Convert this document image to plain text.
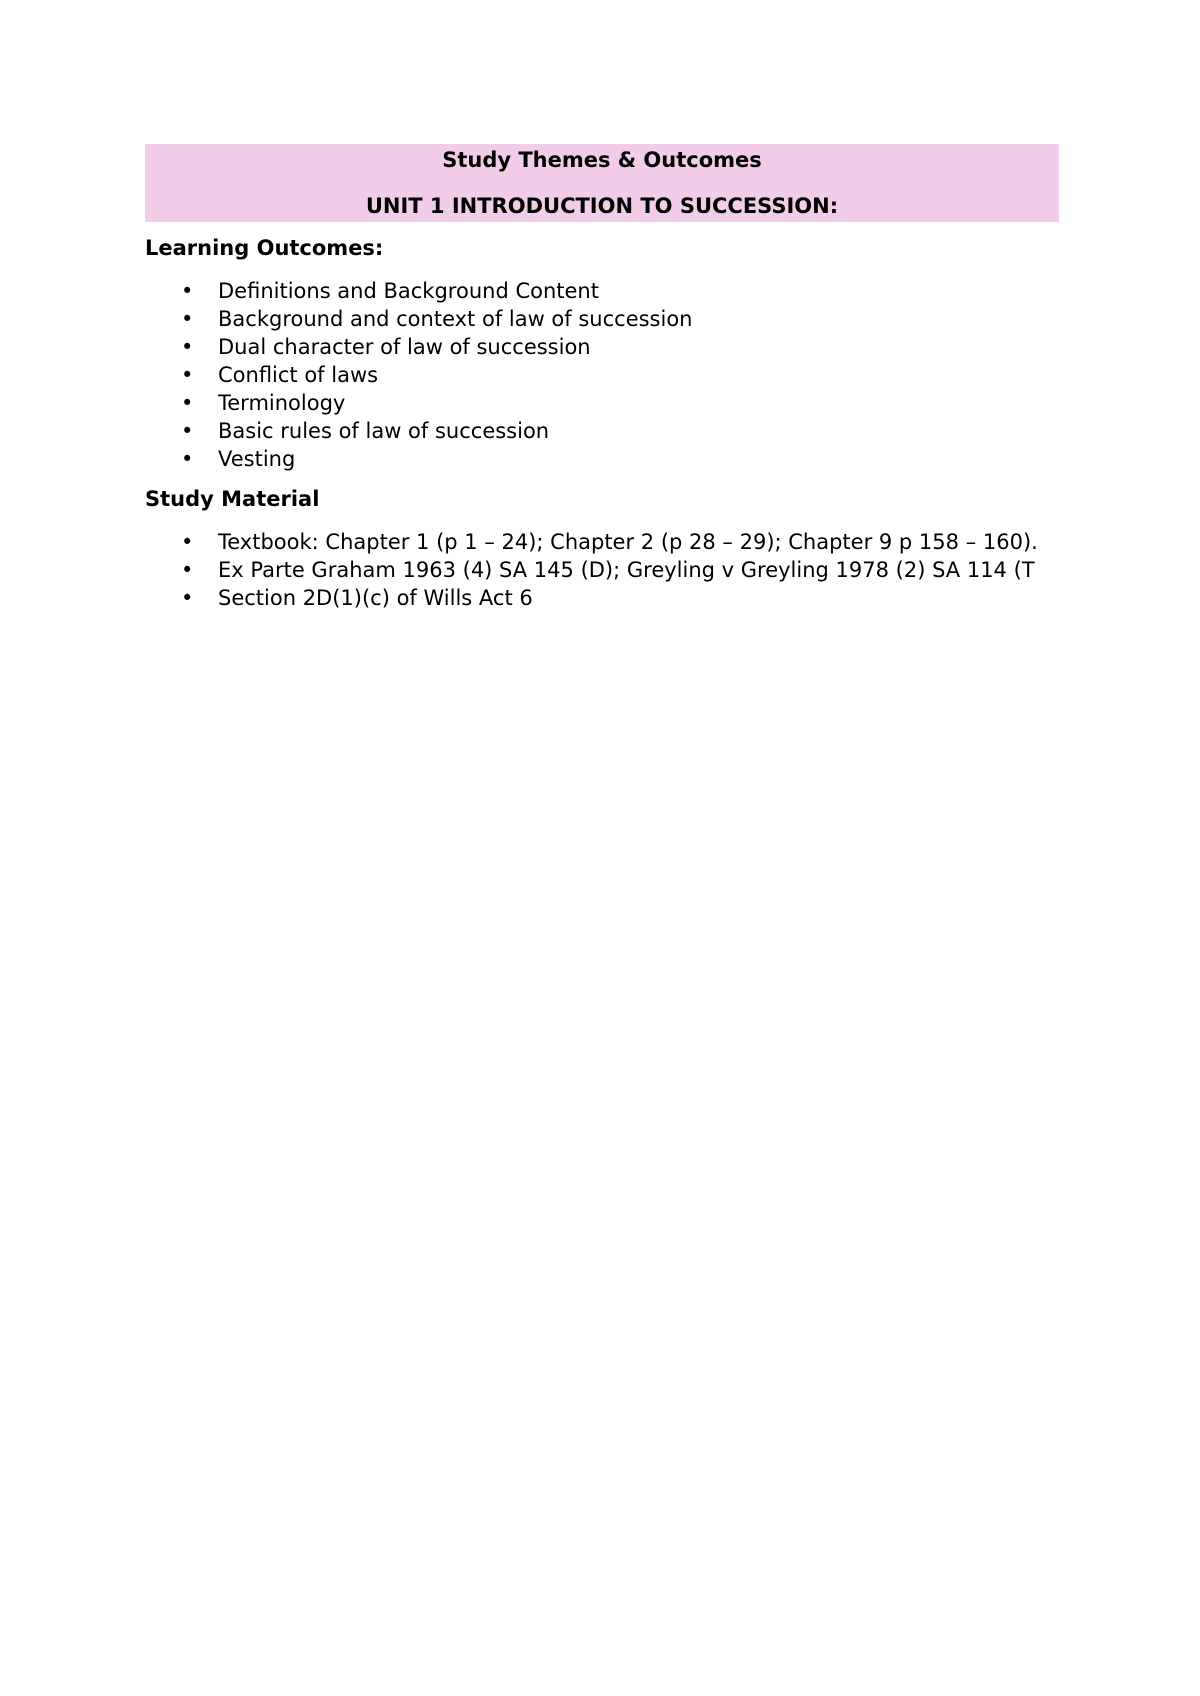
Study Themes & Outcomes
UNIT 1 INTRODUCTION TO SUCCESSION:

Learning Outcomes:

•	Definitions and Background Content
•	Background and context of law of succession
•	Dual character of law of succession
•	Conflict of laws
•	Terminology
•	Basic rules of law of succession
•	Vesting

Study Material

•	Textbook: Chapter 1 (p 1 – 24); Chapter 2 (p 28 – 29); Chapter 9 p 158 – 160).
•	Ex Parte Graham 1963 (4) SA 145 (D); Greyling v Greyling 1978 (2) SA 114 (T
•	Section 2D(1)(c) of Wills Act 6
